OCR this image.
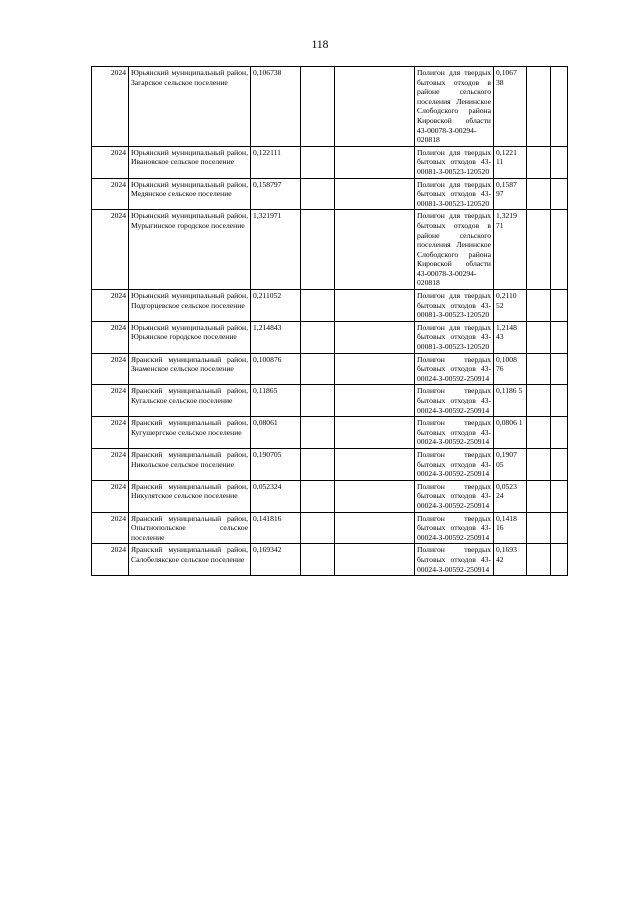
118
2024	Юрьянский муниципальный район, Загарское сельское поселение	0,106738			Полигон для твердых бытовых отходов в районе сельского поселения Ленинское Слободского района Кировской области 43-00078-З-00294-020818	0,1067 38		
2024	Юрьянский муниципальный район, Ивановское сельское поселение	0,122111			Полигон для твердых бытовых отходов 43-00081-З-00523-120520	0,1221 11		
2024	Юрьянский муниципальный район, Медянское сельское поселение	0,158797			Полигон для твердых бытовых отходов 43-00081-З-00523-120520	0,1587 97		
2024	Юрьянский муниципальный район, Мурыгинское городское поселение	1,321971			Полигон для твердых бытовых отходов в районе сельского поселения Ленинское Слободского района Кировской области 43-00078-З-00294-020818	1,3219 71		
2024	Юрьянский муниципальный район, Подгорцевское сельское поселение	0,211052			Полигон для твердых бытовых отходов 43-00081-З-00523-120520	0,2110 52		
2024	Юрьянский муниципальный район, Юрьянское городское поселение	1,214843			Полигон для твердых бытовых отходов 43-00081-З-00523-120520	1,2148 43		
2024	Яранский муниципальный район, Знаменское сельское поселение	0,100876			Полигон твердых бытовых отходов 43-00024-З-00592-250914	0,1008 76		
2024	Яранский муниципальный район, Кугальское сельское поселение	0,11865			Полигон твердых бытовых отходов 43-00024-З-00592-250914	0,1186 5		
2024	Яранский муниципальный район, Кугушергское сельское поселение	0,08061			Полигон твердых бытовых отходов 43-00024-З-00592-250914	0,0806 1		
2024	Яранский муниципальный район, Никольское сельское поселение	0,190705			Полигон твердых бытовых отходов 43-00024-З-00592-250914	0,1907 05		
2024	Яранский муниципальный район, Никулятское сельское поселение	0,052324			Полигон твердых бытовых отходов 43-00024-З-00592-250914	0,0523 24		
2024	Яранский муниципальный район, Опытнопольское сельское поселение	0,141816			Полигон твердых бытовых отходов 43-00024-З-00592-250914	0,1418 16		
2024	Яранский муниципальный район, Салобелякское сельское поселение	0,169342			Полигон твердых бытовых отходов 43-00024-З-00592-250914	0,1693 42		
